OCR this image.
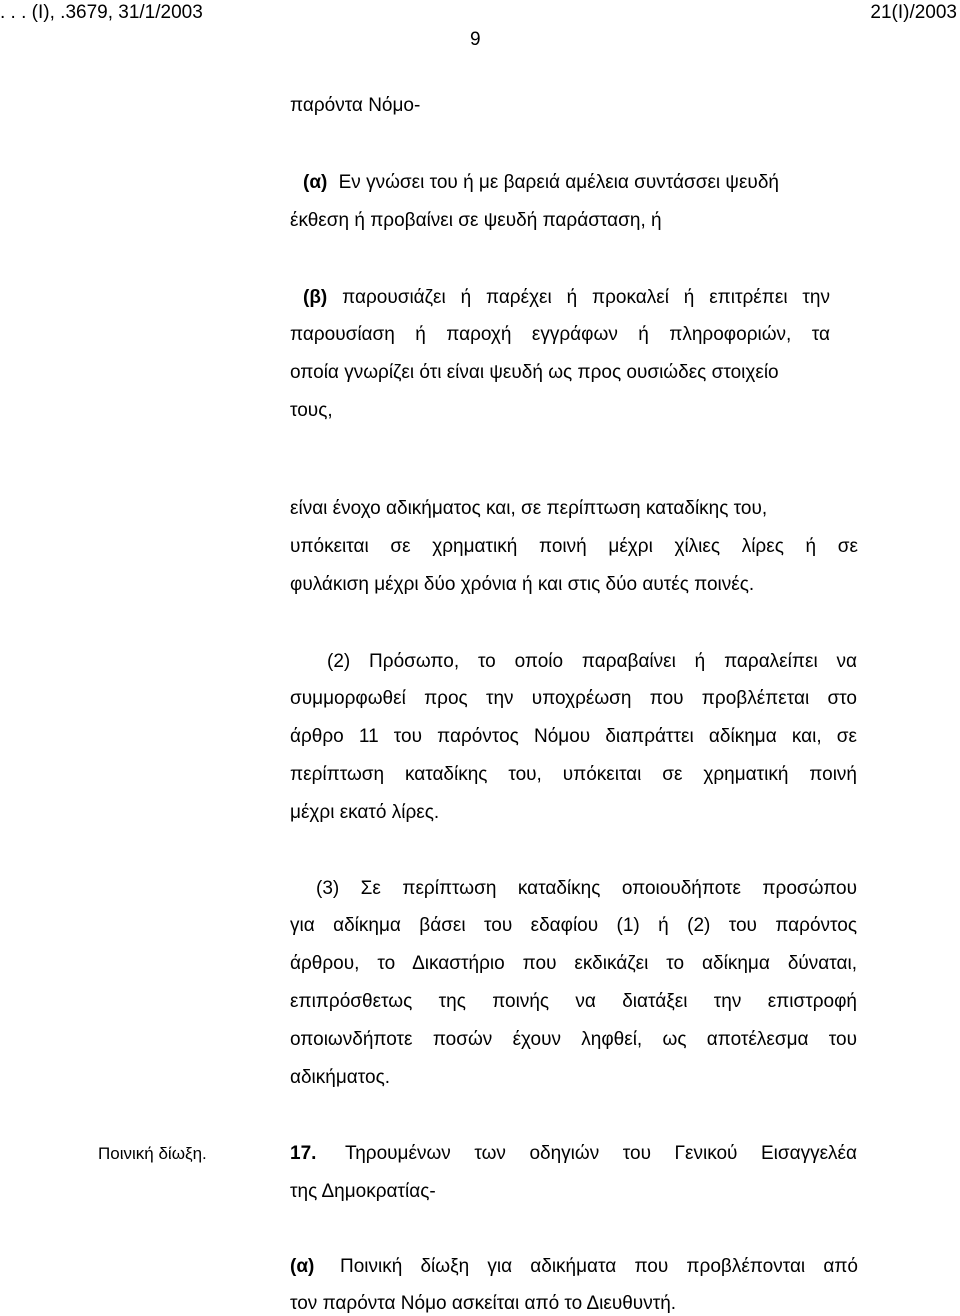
. . . (Ι), .3679, 31/1/2003	21(Ι)/2003
9
παρόντα Νόμο-
(α) Εν γνώσει του ή με βαρειά αμέλεια συντάσσει ψευδή
έκθεση ή προβαίνει σε ψευδή παράσταση, ή
(β) παρουσιάζει ή παρέχει ή προκαλεί ή επιτρέπει την
παρουσίαση ή παροχή εγγράφων ή πληροφοριών, τα
οποία γνωρίζει ότι είναι ψευδή ως προς ουσιώδες στοιχείο
τους,
είναι ένοχο αδικήματος και, σε περίπτωση καταδίκης του,
υπόκειται σε χρηματική ποινή μέχρι χίλιες λίρες ή σε
φυλάκιση μέχρι δύο χρόνια ή και στις δύο αυτές ποινές.
(2) Πρόσωπο, το οποίο παραβαίνει ή παραλείπει να
συμμορφωθεί προς την υποχρέωση που προβλέπεται στο
άρθρο 11 του παρόντος Νόμου διαπράττει αδίκημα και, σε
περίπτωση καταδίκης του, υπόκειται σε χρηματική ποινή
μέχρι εκατό λίρες.
(3) Σε περίπτωση καταδίκης οποιουδήποτε προσώπου
για αδίκημα βάσει του εδαφίου (1) ή (2) του παρόντος
άρθρου, το Δικαστήριο που εκδικάζει το αδίκημα δύναται,
επιπρόσθετως της ποινής να διατάξει την επιστροφή
οποιωνδήποτε ποσών έχουν ληφθεί, ως αποτέλεσμα του
αδικήματος.
Ποινική δίωξη.	17. Τηρουμένων των οδηγιών του Γενικού Εισαγγελέα
της Δημοκρατίας-
(α) Ποινική δίωξη για αδικήματα που προβλέπονται από
τον παρόντα Νόμο ασκείται από το Διευθυντή.
